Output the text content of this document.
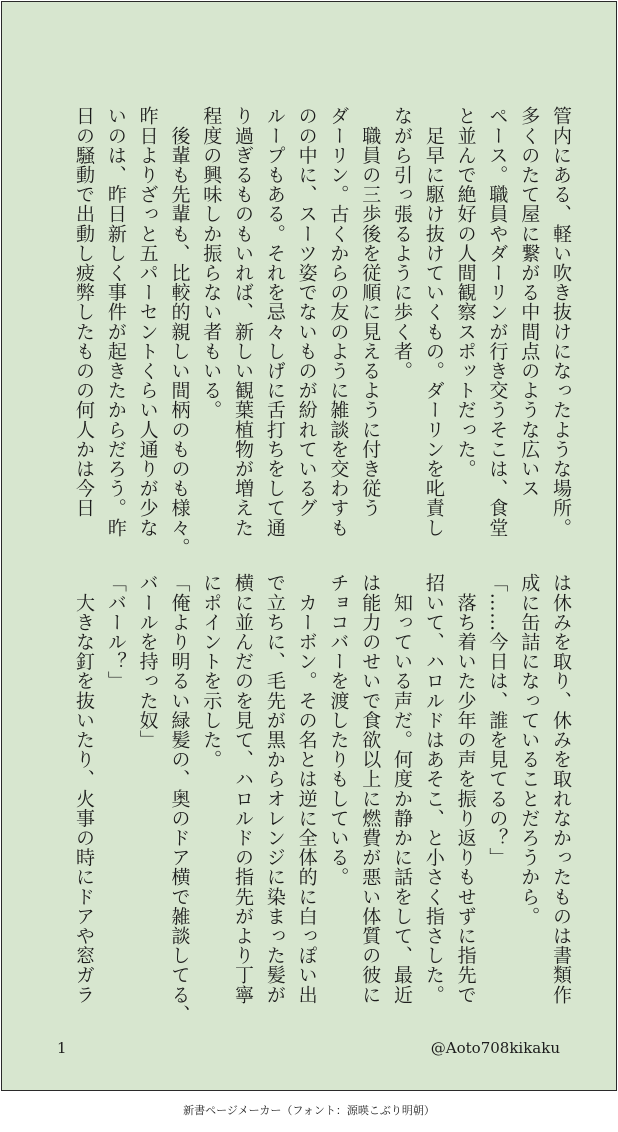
管内にある、軽い吹き抜けになったような場所。
多くのたて屋に繋がる中間点のような広いス
ペース。職員やダーリンが行き交うそこは、食堂
と並んで絶好の人間観察スポットだった。
　足早に駆け抜けていくもの。ダーリンを叱責し
ながら引っ張るように歩く者。
　職員の三歩後を従順に見えるように付き従う
ダーリン。古くからの友のように雑談を交わすも
のの中に、スーツ姿でないものが紛れているグ
ループもある。それを忌々しげに舌打ちをして通
り過ぎるものもいれば、新しい観葉植物が増えた
程度の興味しか振らない者もいる。
　後輩も先輩も、比較的親しい間柄のものも様々。
昨日よりざっと五パーセントくらい人通りが少な
いのは、昨日新しく事件が起きたからだろう。昨
日の騒動で出動し疲弊したものの何人かは今日
は休みを取り、休みを取れなかったものは書類作
成に缶詰になっていることだろうから。
「……今日は、誰を見てるの？」
　落ち着いた少年の声を振り返りもせずに指先で
招いて、ハロルドはあそこ、と小さく指さした。
　知っている声だ。何度か静かに話をして、最近
は能力のせいで食欲以上に燃費が悪い体質の彼に
チョコバーを渡したりもしている。
　カーボン。その名とは逆に全体的に白っぽい出
で立ちに、毛先が黒からオレンジに染まった髪が
横に並んだのを見て、ハロルドの指先がより丁寧
にポイントを示した。
「俺より明るい緑髪の、奥のドア横で雑談してる、
バールを持った奴」
「バール？」
　大きな釘を抜いたり、火事の時にドアや窓ガラ
1	@Aoto708kikaku
新書ページメーカー（フォント：源暎こぶり明朝）
